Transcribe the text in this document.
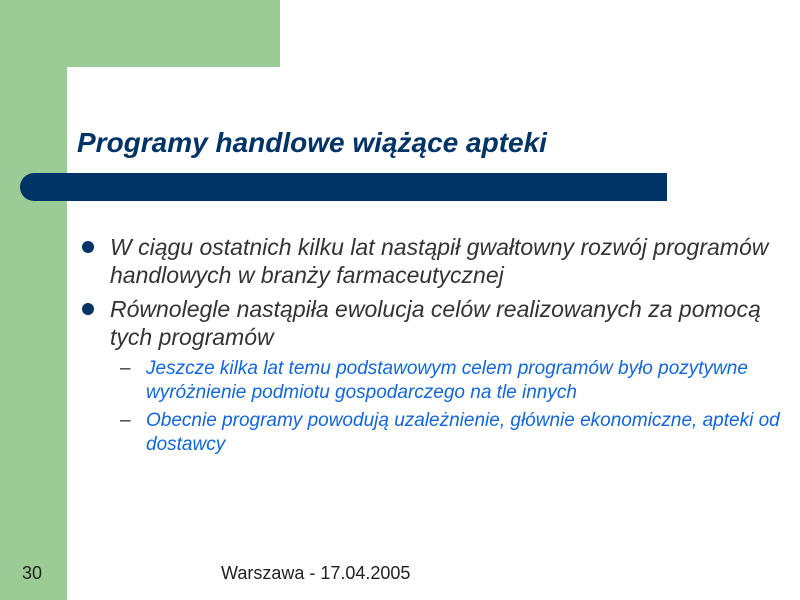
Programy handlowe wiążące apteki
W ciągu ostatnich kilku lat nastąpił gwałtowny rozwój programów handlowych w branży farmaceutycznej
Równolegle nastąpiła ewolucja celów realizowanych za pomocą tych programów
– Jeszcze kilka lat temu podstawowym celem programów było pozytywne wyróżnienie podmiotu gospodarczego na tle innych
– Obecnie programy powodują uzależnienie, głównie ekonomiczne, apteki od dostawcy
30	Warszawa - 17.04.2005
